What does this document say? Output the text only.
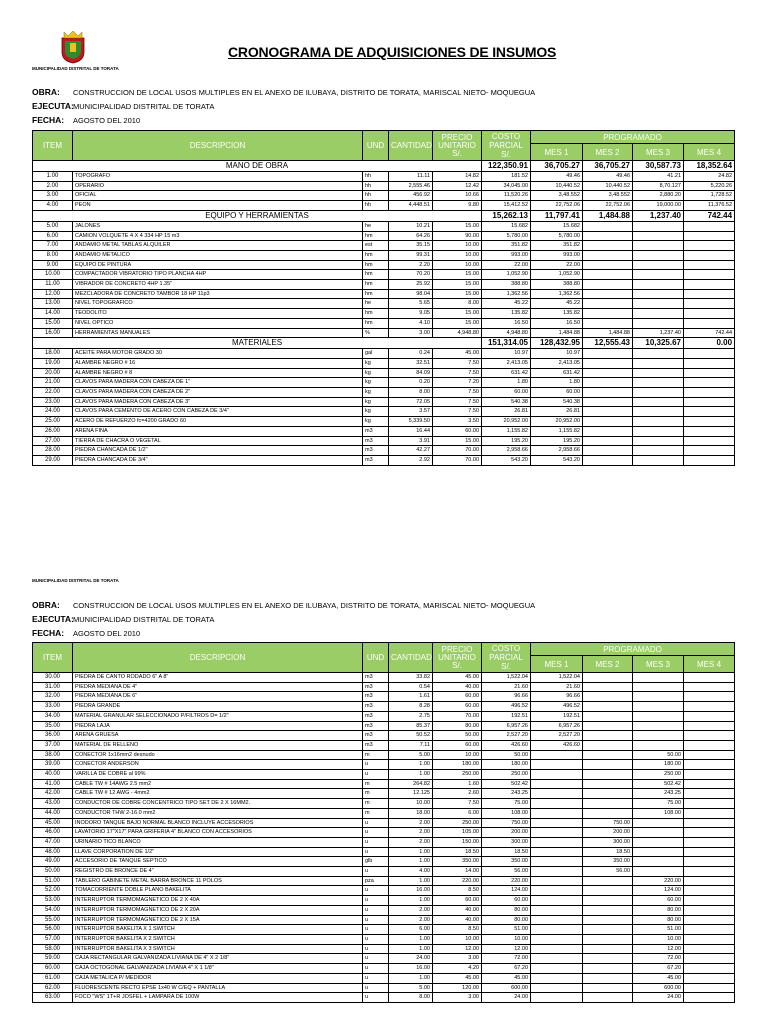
MUNICIPALIDAD DISTRITAL DE TORATA
CRONOGRAMA DE ADQUISICIONES DE INSUMOS
OBRA: CONSTRUCCION DE LOCAL USOS MULTIPLES EN EL ANEXO DE ILUBAYA, DISTRITO DE TORATA, MARISCAL NIETO- MOQUEGUA
EJECUTA:MUNICIPALIDAD DISTRITAL DE TORATA
FECHA: AGOSTO DEL 2010
ITEM	DESCRIPCION	UND	CANTIDAD	PRECIO UNITARIO S/.	COSTO PARCIAL S/.	PROGRAMADO			
						MES 1	MES 2	MES 3	MES 4
MANO DE OBRA					122,350.91	36,705.27	36,705.27	30,587.73	18,352.64
1.00	TOPOGRAFO	hh	11.11	14.82	181.52	49.46	49.46	41.21	24.82
2.00	OPERARIO	hh	2,555.46	12.42	34,045.00	10,440.52	10,440.52	8,70.127	5,220.26
3.00	OFICIAL	hh	456.92	10.66	11,520.26	3,48.552	3,48.552	2,880.20	1,728.52
4.00	PEON	hh	4,448.51	9.80	15,412.52	22,752.06	22,752.06	19,000.00	11,376.52
EQUIPO Y HERRAMIENTAS					15,262.13	11,797.41	1,484.88	1,237.40	742.44
5.00	JALONES	he	10.21	15.00	15.682	15.682			
6.00	CAMION VOLQUETE 4 X 4 334 HP 15 m3	hm	64.26	90.00	5,780.00	5,780.00			
7.00	ANDAMIO METAL TABLAS ALQUILER	est	35.15	10.00	351.82	351.82			
8.00	ANDAMIO METALICO	hm	99.31	10.00	993.00	993.00			
9.00	EQUIPO DE PINTURA	hm	2.20	10.00	22.00	22.00			
10.00	COMPACTADOR VIBRATORIO TIPO PLANCHA 4HP	hm	70.20	15.00	1,052.90	1,052.90			
11.00	VIBRADOR DE CONCRETO 4HP 1.35"	hm	25.92	15.00	388.80	388.80			
12.00	MEZCLADORA DE CONCRETO TAMBOR 18 HP 11p3	hm	98.04	15.00	1,362.56	1,362.56			
13.00	NIVEL TOPOGRAFICO	he	5.65	8.00	45.22	45.22			
14.00	TEODOLITO	hm	9.05	15.00	135.82	135.82			
15.00	NIVEL OPTICO	hm	4.10	15.00	16.50	16.50			
16.00	HERRAMIENTAS MANUALES	%	3.00	4,948.80	4,948.80	1,484.88	1,484.88	1,237.40	742.44
MATERIALES					151,314.05	128,432.95	12,555.43	10,325.67	0.00
18.00	ACEITE PARA MOTOR GRADO 30	gal	0.24	45.00	10.97	10.97			
19.00	ALAMBRE NEGRO # 16	kg	32.51	7.50	2,413.05	2,413.05			
20.00	ALAMBRE NEGRO # 8	kg	84.09	7.50	631.42	631.42			
21.00	CLAVOS PARA MADERA CON CABEZA DE 1"	kg	0.20	7.20	1.80	1.80			
22.00	CLAVOS PARA MADERA CON CABEZA DE 2"	kg	8.00	7.50	60.00	60.00			
23.00	CLAVOS PARA MADERA CON CABEZA DE 3"	kg	72.05	7.50	540.38	540.38			
24.00	CLAVOS PARA CEMENTO DE ACERO CON CABEZA DE 3/4"	kg	3.57	7.50	26.81	26.81			
25.00	ACERO DE REFUERZO fc=4200 GRADO 60	kg	5,339.50	3.50	20,952.00	20,952.00			
26.00	ARENA FINA	m3	16.44	60.00	1,155.82	1,155.82			
27.00	TIERRA DE CHACRA O VEGETAL	m3	3.91	15.00	195.20	195.20			
28.00	PIEDRA CHANCADA DE 1/2"	m3	42.27	70.00	2,958.66	2,958.66			
29.00	PIEDRA CHANCADA DE 3/4"	m3	2.92	70.00	543.20	543.20			
MUNICIPALIDAD DISTRITAL DE TORATA
OBRA: CONSTRUCCION DE LOCAL USOS MULTIPLES EN EL ANEXO DE ILUBAYA, DISTRITO DE TORATA, MARISCAL NIETO- MOQUEGUA
EJECUTA:MUNICIPALIDAD DISTRITAL DE TORATA
FECHA: AGOSTO DEL 2010
ITEM	DESCRIPCION	UND	CANTIDAD	PRECIO UNITARIO S/.	COSTO PARCIAL S/.	PROGRAMADO			
						MES 1	MES 2	MES 3	MES 4
30.00	PIEDRA DE CANTO RODADO 6" A 8"	m3	33.82	45.00	1,522.04	1,522.04			
31.00	PIEDRA MEDIANA DE 4"	m3	0.54	40.00	21.60	21.60			
32.00	PIEDRA MEDIANA DE 6"	m3	1.61	60.00	96.66	96.66			
33.00	PIEDRA GRANDE	m3	8.28	60.00	496.52	496.52			
34.00	MATERIAL GRANULAR SELECCIONADO P/FILTROS D= 1/2"	m3	2.75	70.00	192.51	192.51			
35.00	PIEDRA LAJA	m3	85.37	80.00	6,957.26	6,957.26			
36.00	ARENA GRUESA	m3	50.52	50.00	2,527.20	2,527.20			
37.00	MATERIAL DE RELLENO	m3	7.11	60.00	426.60	426.60			
38.00	CONECTOR 1x16mm2 desnudo	m	5.00	10.00	50.00			50.00	
39.00	CONECTOR ANDERSON	u	1.00	180.00	180.00			180.00	
40.00	VARILLA DE COBRE al 99%	u	1.00	250.00	250.00			250.00	
41.00	CABLE TW # 14AWG 2.5 mm2	m	264.82	1.60	502.42			502.42	
42.00	CABLE TW # 12 AWG - 4mm2	m	12.125	2.60	243.25			243.25	
43.00	CONDUCTOR DE COBRE CONCENTRICO TIPO SET DE 2 X 16MM2.	m	10.00	7.50	75.00			75.00	
44.00	CONDUCTOR THW 2-16.0 mm2	m	18.00	6.00	108.00			108.00	
45.00	INODORO TANQUE BAJO NORMAL BLANCO INCLUYE ACCESORIOS	u	2.00	250.00	750.00		750.00		
46.00	LAVATORIO 17"X17" PARA GRIFERIA 4" BLANCO CON ACCESORIOS	u	2.00	105.00	200.00		200.00		
47.00	URINARIO TICO BLANCO	u	2.00	150.00	300.00		300.00		
48.00	LLAVE CORPORATION DE 1/2"	u	1.00	18.50	18.50		18.50		
49.00	ACCESORIO DE TANQUE SEPTICO	glb	1.00	350.00	350.00		350.00		
50.00	REGISTRO DE BRONCE DE 4"	u	4.00	14.00	56.00		56.00		
51.00	TABLERO GABINETE METAL BARRA BRONCE 11 POLOS	pza	1.00	220.00	220.00			220.00	
52.00	TOMACORRIENTE DOBLE PLANO BAKELITA	u	16.00	8.50	124.00			124.00	
53.00	INTERRUPTOR TERMOMAGNETICO DE 2 X 40A	u	1.00	60.00	60.00			60.00	
54.00	INTERRUPTOR TERMOMAGNETICO DE 2 X 20A	u	2.00	40.00	80.00			80.00	
55.00	INTERRUPTOR TERMOMAGNETICO DE 2 X 15A	u	2.00	40.00	80.00			80.00	
56.00	INTERRUPTOR BAKELITA X 1 SWITCH	u	6.00	8.50	51.00			51.00	
57.00	INTERRUPTOR BAKELITA X 2 SWITCH	u	1.00	10.00	10.00			10.00	
58.00	INTERRUPTOR BAKELITA X 3 SWITCH	u	1.00	12.00	12.00			12.00	
59.00	CAJA RECTANGULAR GALVANIZADA LIVIANA DE 4" X 2 1/8"	u	24.00	3.00	72.00			72.00	
60.00	CAJA OCTOGONAL GALVANIZADA LIVIANA 4" X 1 1/8"	u	16.00	4.20	67.20			67.20	
61.00	CAJA METALICA P/ MEDIDOR	u	1.00	45.00	45.00			45.00	
62.00	FLUORESCENTE RECTO EPSE 1x40 W C/EQ + PANTALLA	u	5.00	120.00	600.00			600.00	
63.00	FOCO "WS" 1T+R JOSFEL + LAMPARA DE 100W	u	8.00	3.00	24.00			24.00	
